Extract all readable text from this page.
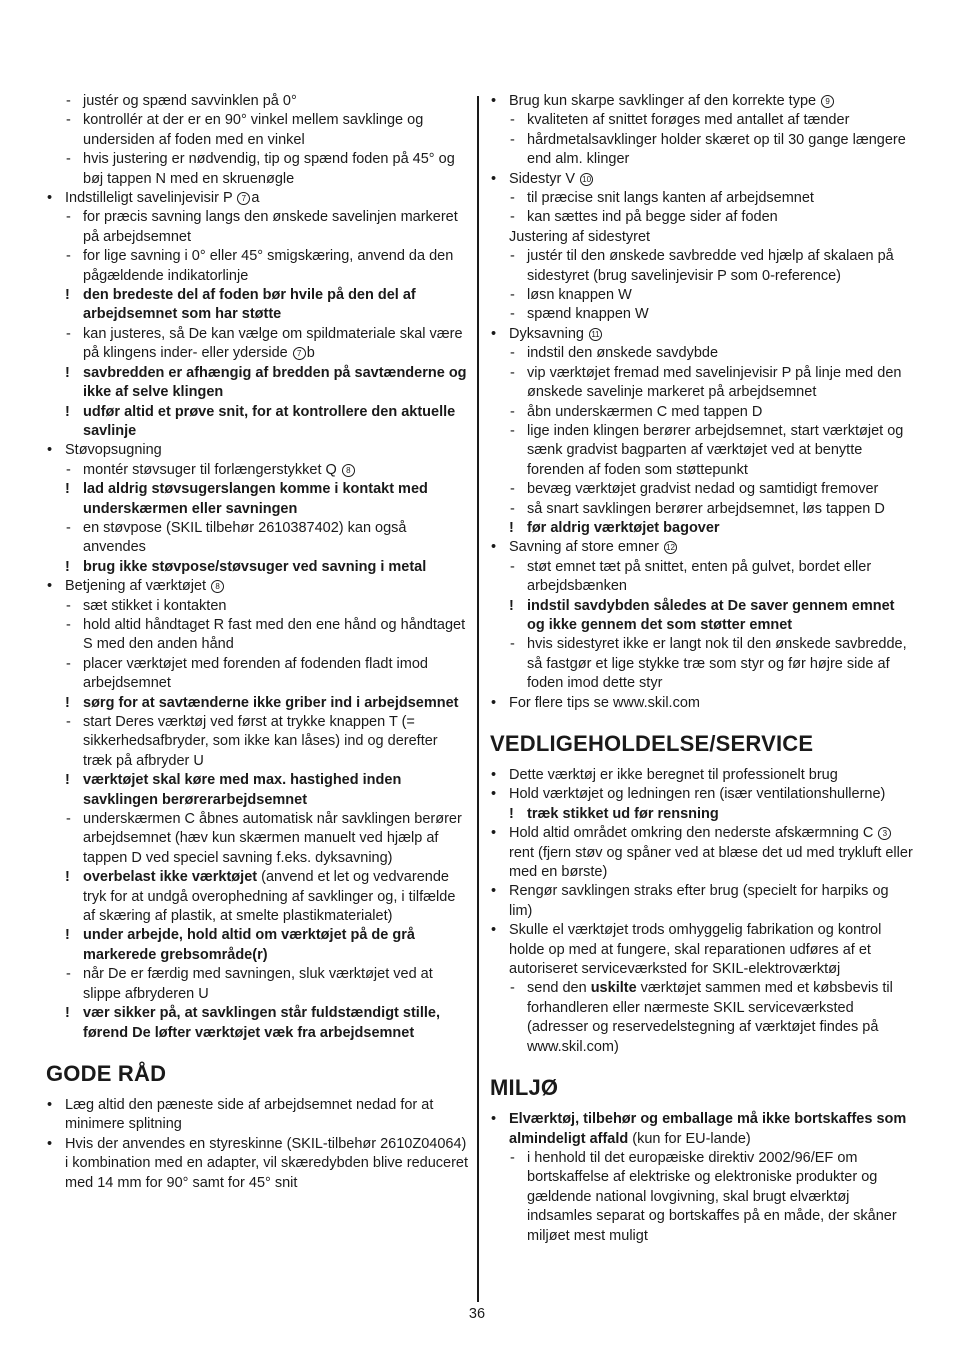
- justér og spænd savvinklen på 0°
- kontrollér at der er en 90° vinkel mellem savklinge og undersiden af foden med en vinkel
- hvis justering er nødvendig, tip og spænd foden på 45° og bøj tappen N med en skruenøgle
• Indstilleligt savelinjevisir P 7 a
- for præcis savning langs den ønskede savelinjen markeret på arbejdsemnet
- for lige savning i 0° eller 45° smigskæring, anvend da den pågældende indikatorlinje
! den bredeste del af foden bør hvile på den del af arbejdsemnet som har støtte
- kan justeres, så De kan vælge om spildmateriale skal være på klingens inder- eller yderside 7 b
! savbredden er afhængig af bredden på savtænderne og ikke af selve klingen
! udfør altid et prøve snit, for at kontrollere den aktuelle savlinje
• Støvopsugning
- montér støvsuger til forlængerstykket Q 8
! lad aldrig støvsugerslangen komme i kontakt med underskærmen eller savningen
- en støvpose (SKIL tilbehør 2610387402) kan også anvendes
! brug ikke støvpose/støvsuger ved savning i metal
• Betjening af værktøjet 8
- sæt stikket i kontakten
- hold altid håndtaget R fast med den ene hånd og håndtaget S med den anden hånd
- placer værktøjet med forenden af fodenden fladt imod arbejdsemnet
! sørg for at savtænderne ikke griber ind i arbejdsemnet
- start Deres værktøj ved først at trykke knappen T (= sikkerhedsafbryder, som ikke kan låses) ind og derefter træk på afbryder U
! værktøjet skal køre med max. hastighed inden savklingen berørerarbejdsemnet
- underskærmen C åbnes automatisk når savklingen berører arbejdsemnet (hæv kun skærmen manuelt ved hjælp af tappen D ved speciel savning f.eks. dyksavning)
! overbelast ikke værktøjet (anvend et let og vedvarende tryk for at undgå overophedning af savklinger og, i tilfælde af skæring af plastik, at smelte plastikmaterialet)
! under arbejde, hold altid om værktøjet på de grå markerede grebsområde(r)
- når De er færdig med savningen, sluk værktøjet ved at slippe afbryderen U
! vær sikker på, at savklingen står fuldstændigt stille, førend De løfter værktøjet væk fra arbejdsemnet
GODE RÅD
• Læg altid den pæneste side af arbejdsemnet nedad for at minimere splitning
• Hvis der anvendes en styreskinne (SKIL-tilbehør 2610Z04064) i kombination med en adapter, vil skæredybden blive reduceret med 14 mm for 90° samt for 45° snit
• Brug kun skarpe savklinger af den korrekte type 9
- kvaliteten af snittet forøges med antallet af tænder
- hårdmetalsavklinger holder skæret op til 30 gange længere end alm. klinger
• Sidestyr V 10
- til præcise snit langs kanten af arbejdsemnet
- kan sættes ind på begge sider af foden
Justering af sidestyret
- justér til den ønskede savbredde ved hjælp af skalaen på sidestyret (brug savelinjevisir P som 0-reference)
- løsn knappen W
- spænd knappen W
• Dyksavning 11
- indstil den ønskede savdybde
- vip værktøjet fremad med savelinjevisir P på linje med den ønskede savelinje markeret på arbejdsemnet
- åbn underskærmen C med tappen D
- lige inden klingen berører arbejdsemnet, start værktøjet og sænk gradvist bagparten af værktøjet ved at benytte forenden af foden som støttepunkt
- bevæg værktøjet gradvist nedad og samtidigt fremover
- så snart savklingen berører arbejdsemnet, løs tappen D
! før aldrig værktøjet bagover
• Savning af store emner 12
- støt emnet tæt på snittet, enten på gulvet, bordet eller arbejdsbænken
! indstil savdybden således at De saver gennem emnet og ikke gennem det som støtter emnet
- hvis sidestyret ikke er langt nok til den ønskede savbredde, så fastgør et lige stykke træ som styr og før højre side af foden imod dette styr
• For flere tips se www.skil.com
VEDLIGEHOLDELSE/SERVICE
• Dette værktøj er ikke beregnet til professionelt brug
• Hold værktøjet og ledningen ren (især ventilationshullerne)
! træk stikket ud før rensning
• Hold altid området omkring den nederste afskærmning C 3 rent (fjern støv og spåner ved at blæse det ud med trykluft eller med en børste)
• Rengør savklingen straks efter brug (specielt for harpiks og lim)
• Skulle el værktøjet trods omhyggelig fabrikation og kontrol holde op med at fungere, skal reparationen udføres af et autoriseret serviceværksted for SKIL-elektroværktøj
- send den uskilte værktøjet sammen med et købsbevis til forhandleren eller nærmeste SKIL serviceværksted (adresser og reservedelstegning af værktøjet findes på www.skil.com)
MILJØ
• Elværktøj, tilbehør og emballage må ikke bortskaffes som almindeligt affald (kun for EU-lande)
- i henhold til det europæiske direktiv 2002/96/EF om bortskaffelse af elektriske og elektroniske produkter og gældende national lovgivning, skal brugt elværktøj indsamles separat og bortskaffes på en måde, der skåner miljøet mest muligt
36
